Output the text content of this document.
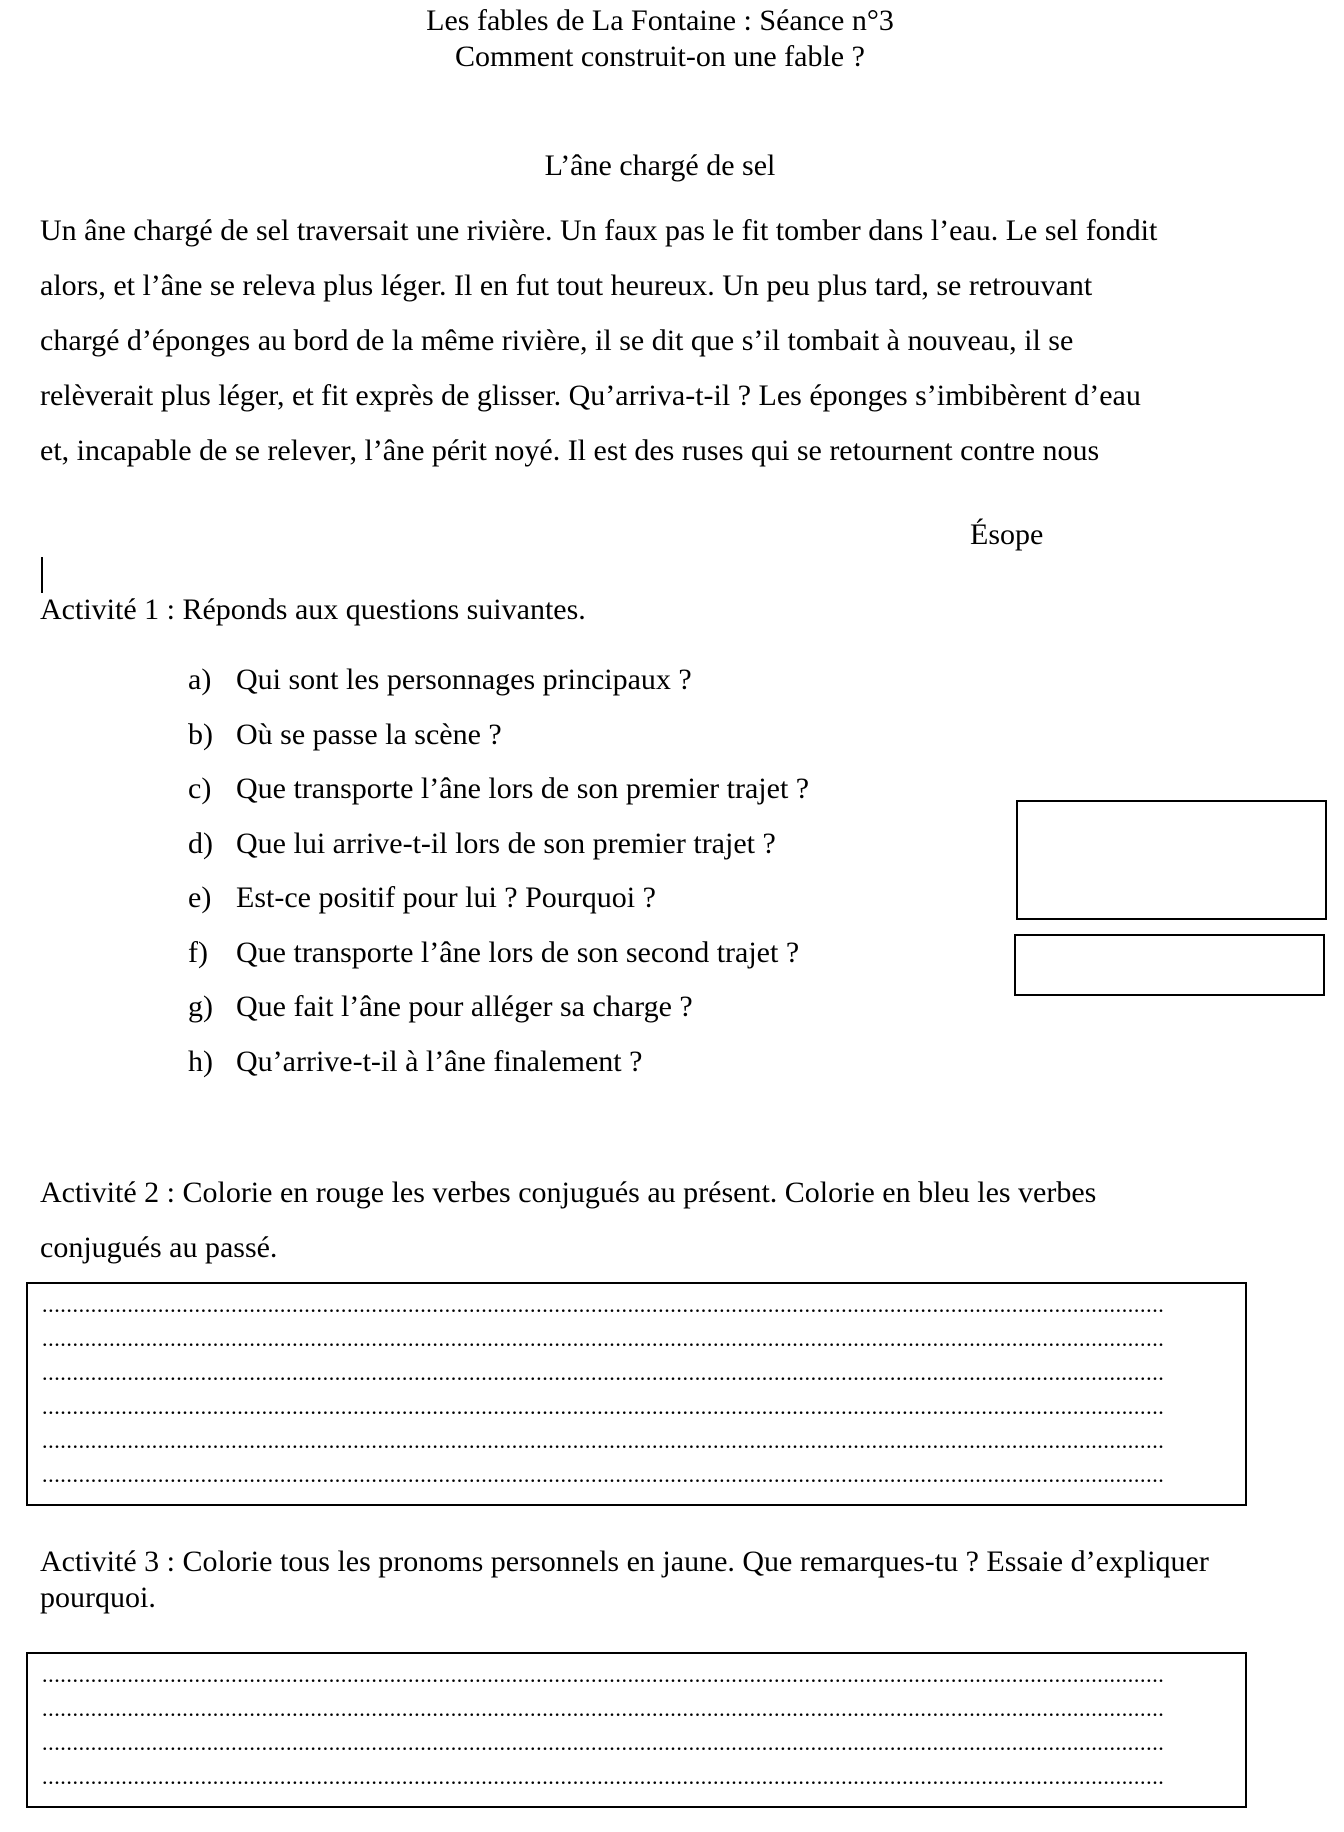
Les fables de La Fontaine : Séance n°3
Comment construit-on une fable ?
L’âne chargé de sel
Un âne chargé de sel traversait une rivière. Un faux pas le fit tomber dans l’eau. Le sel fondit
alors, et l’âne se releva plus léger. Il en fut tout heureux. Un peu plus tard, se retrouvant
chargé d’éponges au bord de la même rivière, il se dit que s’il tombait à nouveau, il se
relèverait plus léger, et fit exprès de glisser. Qu’arriva-t-il ? Les éponges s’imbibèrent d’eau
et, incapable de se relever, l’âne périt noyé. Il est des ruses qui se retournent contre nous
Ésope
Activité 1 : Réponds aux questions suivantes.
a) Qui sont les personnages principaux ?
b) Où se passe la scène ?
c) Que transporte l’âne lors de son premier trajet ?
d) Que lui arrive-t-il lors de son premier trajet ?
e) Est-ce positif pour lui ? Pourquoi ?
f) Que transporte l’âne lors de son second trajet ?
g) Que fait l’âne pour alléger sa charge ?
h) Qu’arrive-t-il à l’âne finalement ?
Activité 2 : Colorie en rouge les verbes conjugués au présent. Colorie en bleu les verbes
conjugués au passé.
........................................................................................................................................................................................
........................................................................................................................................................................................
........................................................................................................................................................................................
........................................................................................................................................................................................
........................................................................................................................................................................................
........................................................................................................................................................................................
Activité 3 : Colorie tous les pronoms personnels en jaune. Que remarques-tu ? Essaie d’expliquer pourquoi.
........................................................................................................................................................................................
........................................................................................................................................................................................
........................................................................................................................................................................................
........................................................................................................................................................................................
